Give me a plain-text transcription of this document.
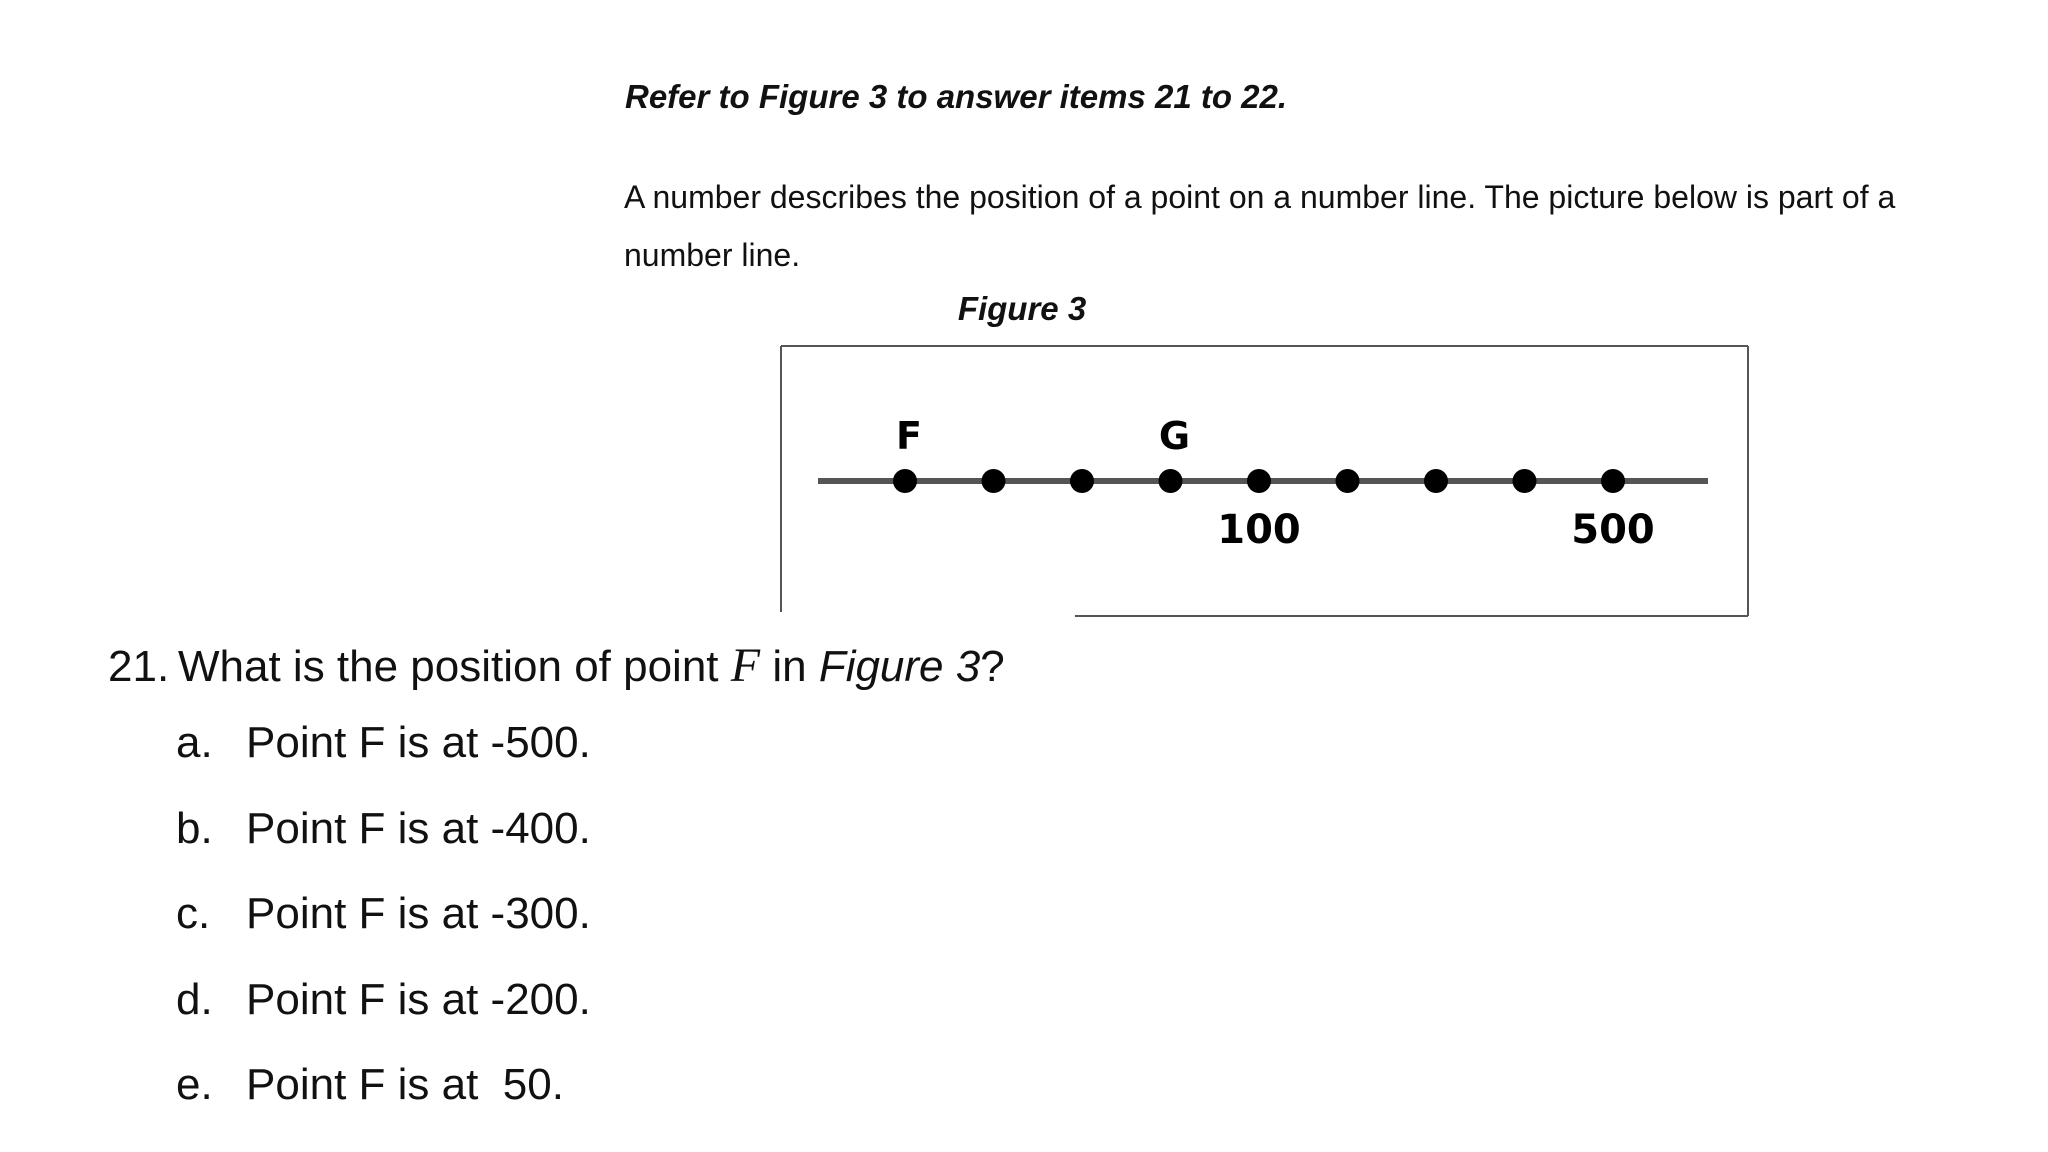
Refer to Figure 3 to answer items 21 to 22.
A number describes the position of a point on a number line. The picture below is part of a number line.
Figure 3
F	G
100	500
21. What is the position of point F in Figure 3?
a. Point F is at -500.
b. Point F is at -400.
c. Point F is at -300.
d. Point F is at -200.
e. Point F is at  50.
